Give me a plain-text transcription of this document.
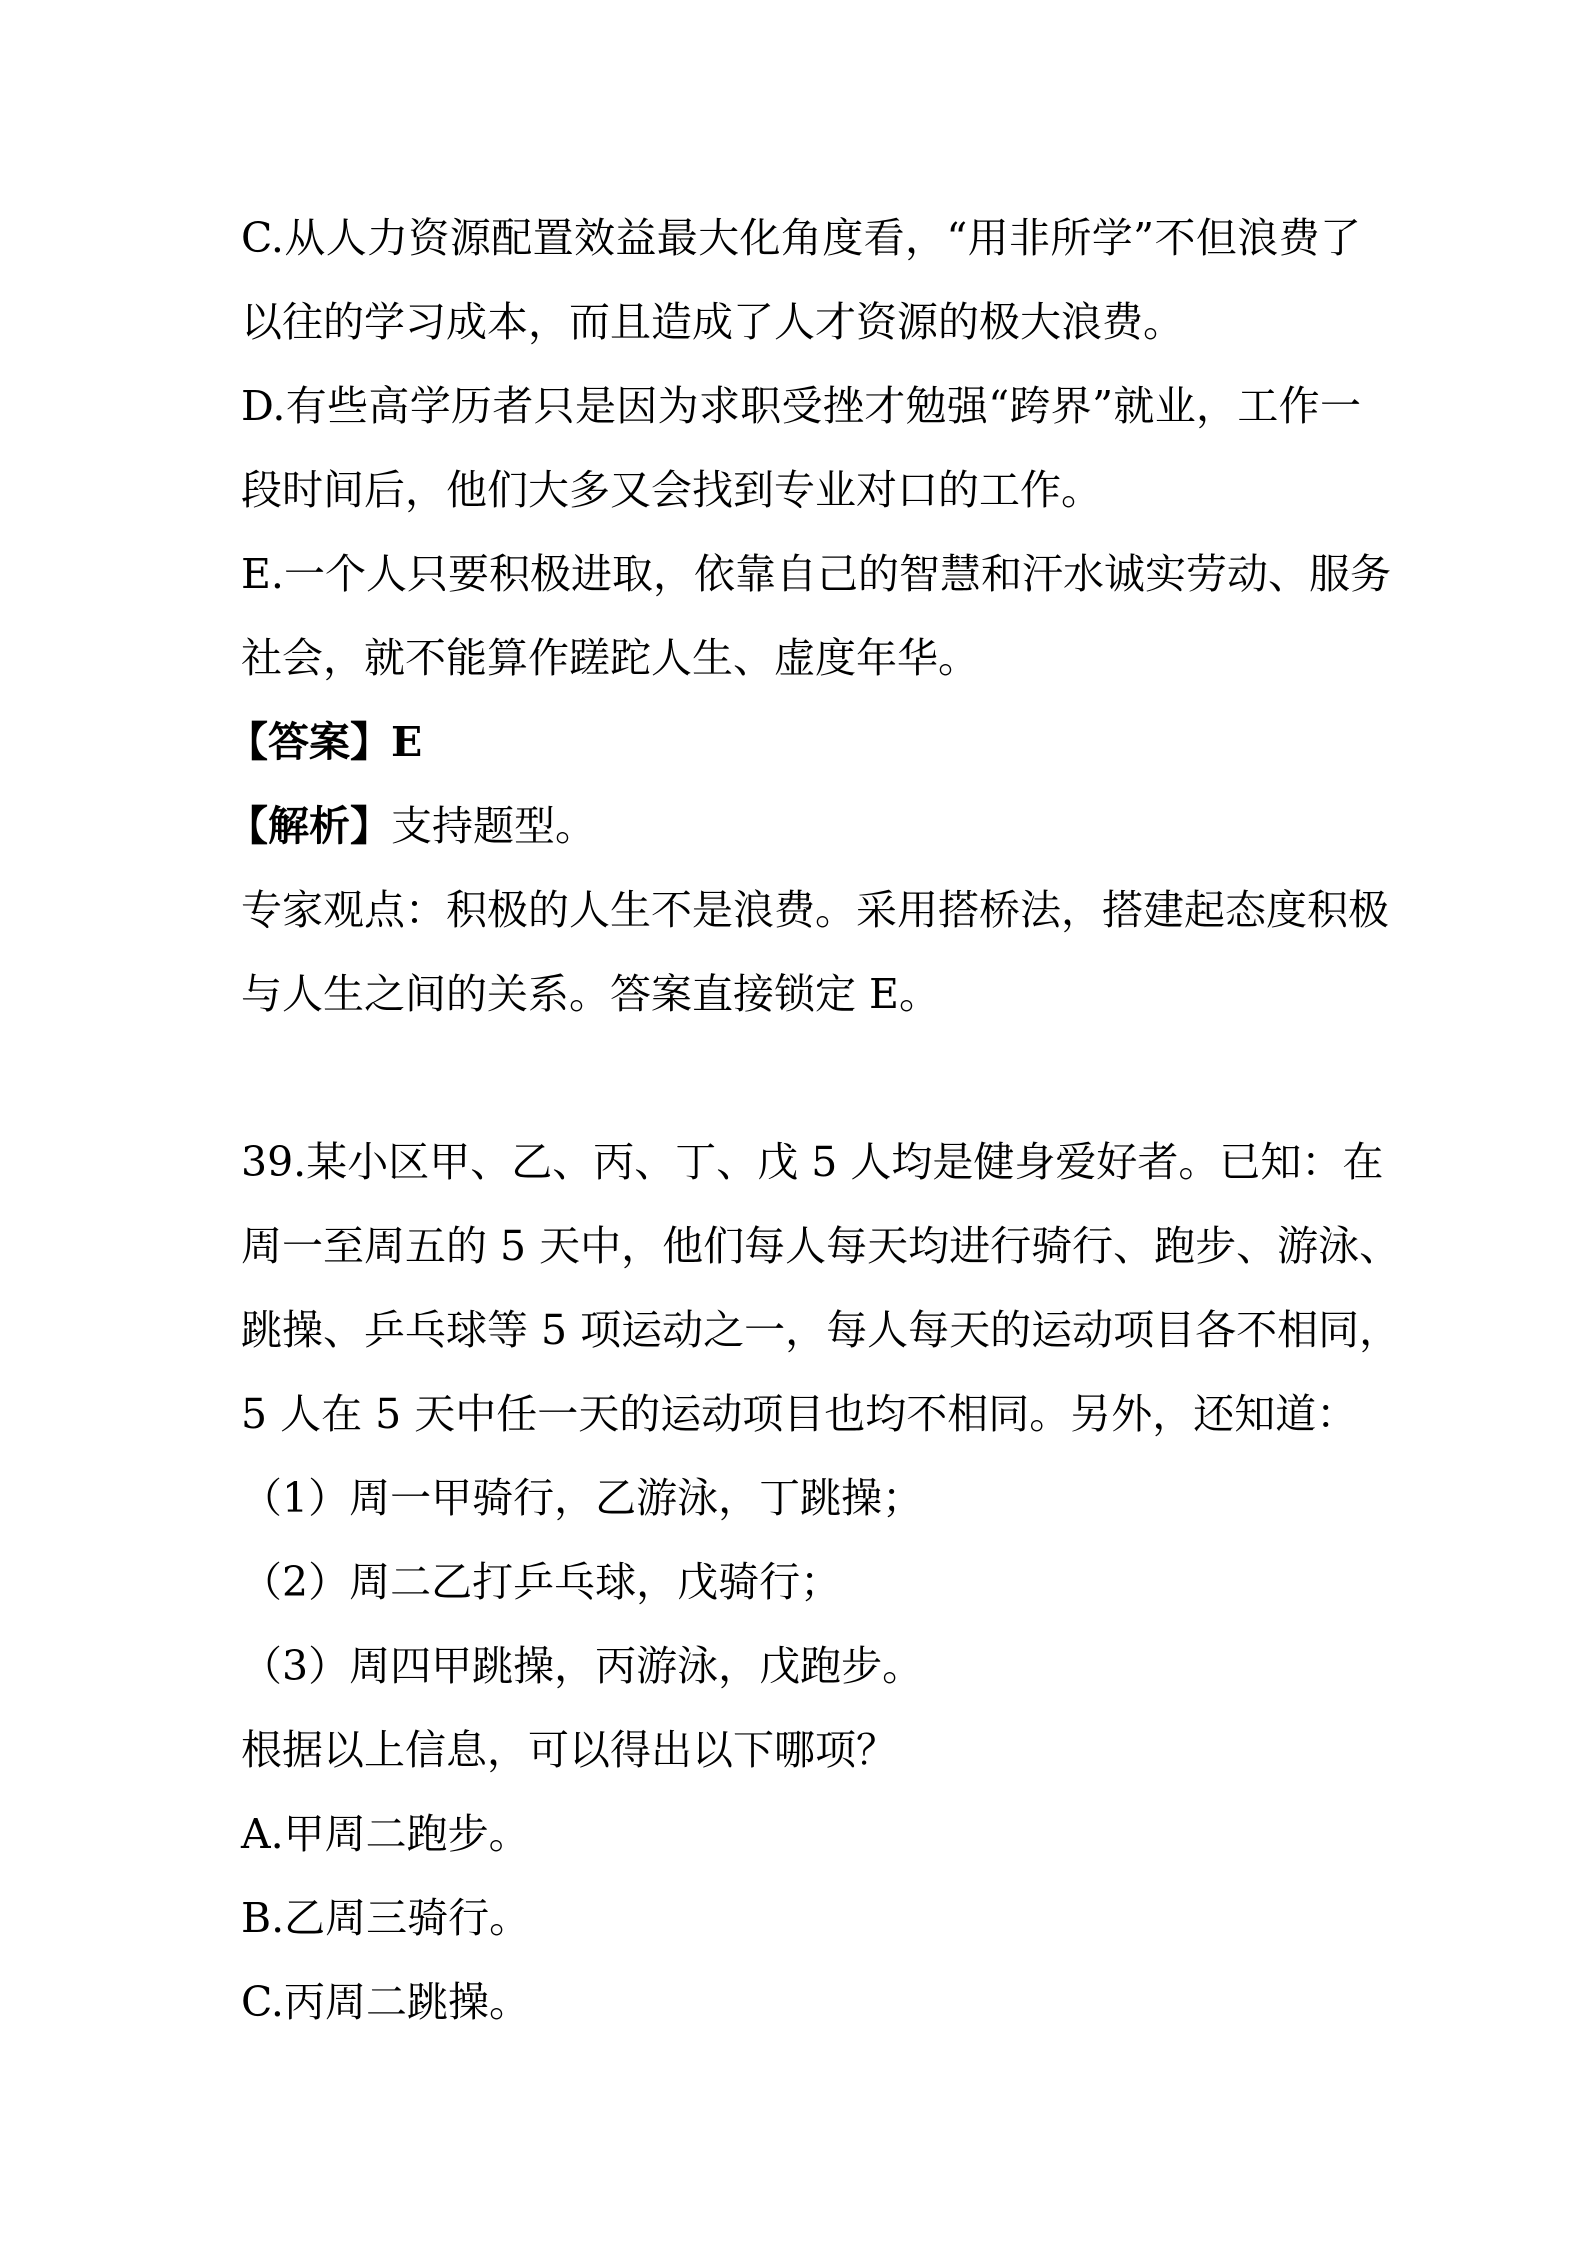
C.从人力资源配置效益最大化角度看，“用非所学”不但浪费了
以往的学习成本，而且造成了人才资源的极大浪费。
D.有些高学历者只是因为求职受挫才勉强“跨界”就业，工作一
段时间后，他们大多又会找到专业对口的工作。
E.一个人只要积极进取，依靠自己的智慧和汗水诚实劳动、服务
社会，就不能算作蹉跎人生、虚度年华。
【答案】E
【解析】支持题型。
专家观点：积极的人生不是浪费。采用搭桥法，搭建起态度积极
与人生之间的关系。答案直接锁定 E。
39.某小区甲、乙、丙、丁、戊 5 人均是健身爱好者。已知：在
周一至周五的 5 天中，他们每人每天均进行骑行、跑步、游泳、
跳操、乒乓球等 5 项运动之一，每人每天的运动项目各不相同，
5 人在 5 天中任一天的运动项目也均不相同。另外，还知道：
（1）周一甲骑行，乙游泳，丁跳操；
（2）周二乙打乒乓球，戊骑行；
（3）周四甲跳操，丙游泳，戊跑步。
根据以上信息，可以得出以下哪项？
A.甲周二跑步。
B.乙周三骑行。
C.丙周二跳操。
